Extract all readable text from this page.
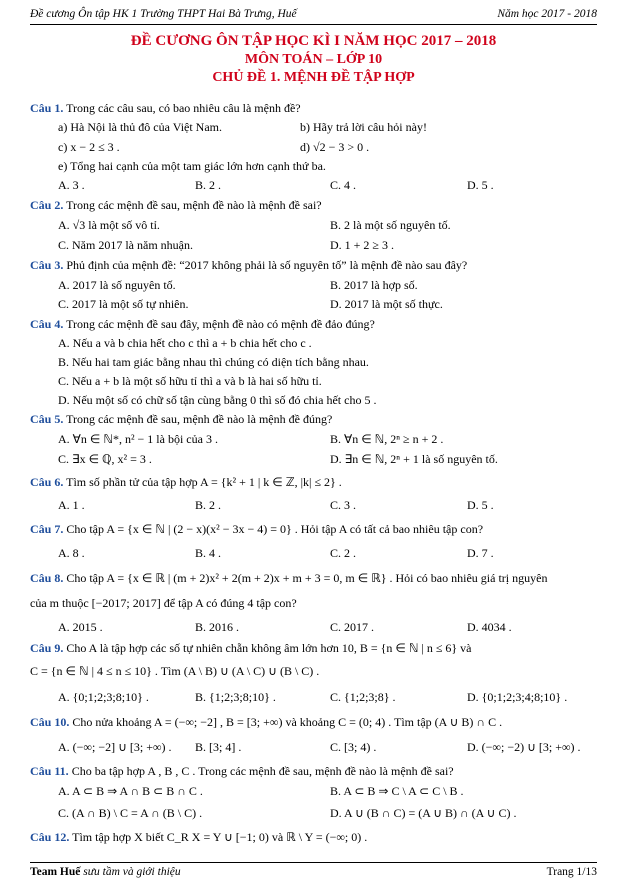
Đề cương Ôn tập HK 1 Trường THPT Hai Bà Trưng, Huế	Năm học 2017 - 2018
ĐỀ CƯƠNG ÔN TẬP HỌC KÌ I NĂM HỌC 2017 – 2018
MÔN TOÁN – LỚP 10
CHỦ ĐỀ 1. MỆNH ĐỀ TẬP HỢP
Câu 1. Trong các câu sau, có bao nhiêu câu là mệnh đề?
a) Hà Nội là thủ đô của Việt Nam.	b) Hãy trả lời câu hỏi này!
c) x − 2 ≤ 3 .	d) √2 − 3 > 0 .
e) Tổng hai cạnh của một tam giác lớn hơn cạnh thứ ba.
A. 3 .	B. 2 .	C. 4 .	D. 5 .
Câu 2. Trong các mệnh đề sau, mệnh đề nào là mệnh đề sai?
A. √3 là một số vô tỉ.	B. 2 là một số nguyên tố.
C. Năm 2017 là năm nhuận.	D. 1 + 2 ≥ 3 .
Câu 3. Phủ định của mệnh đề: “2017 không phải là số nguyên tố” là mệnh đề nào sau đây?
A. 2017 là số nguyên tố.	B. 2017 là hợp số.
C. 2017 là một số tự nhiên.	D. 2017 là một số thực.
Câu 4. Trong các mệnh đề sau đây, mệnh đề nào có mệnh đề đảo đúng?
A. Nếu a và b chia hết cho c thì a + b chia hết cho c .
B. Nếu hai tam giác bằng nhau thì chúng có diện tích bằng nhau.
C. Nếu a + b là một số hữu tỉ thì a và b là hai số hữu tỉ.
D. Nếu một số có chữ số tận cùng bằng 0 thì số đó chia hết cho 5 .
Câu 5. Trong các mệnh đề sau, mệnh đề nào là mệnh đề đúng?
A. ∀n ∈ ℕ*, n² − 1 là bội của 3 .	B. ∀n ∈ ℕ, 2ⁿ ≥ n + 2 .
C. ∃x ∈ ℚ, x² = 3 .	D. ∃n ∈ ℕ, 2ⁿ + 1 là số nguyên tố.
Câu 6. Tìm số phần tử của tập hợp A = {k² + 1 | k ∈ ℤ, |k| ≤ 2} .
A. 1 .	B. 2 .	C. 3 .	D. 5 .
Câu 7. Cho tập A = {x ∈ ℕ | (2 − x)(x² − 3x − 4) = 0} . Hỏi tập A có tất cả bao nhiêu tập con?
A. 8 .	B. 4 .	C. 2 .	D. 7 .
Câu 8. Cho tập A = {x ∈ ℝ | (m + 2)x² + 2(m + 2)x + m + 3 = 0, m ∈ ℝ} . Hỏi có bao nhiêu giá trị nguyên
của m thuộc [−2017; 2017] để tập A có đúng 4 tập con?
A. 2015 .	B. 2016 .	C. 2017 .	D. 4034 .
Câu 9. Cho A là tập hợp các số tự nhiên chẵn không âm lớn hơn 10, B = {n ∈ ℕ | n ≤ 6} và
C = {n ∈ ℕ | 4 ≤ n ≤ 10} . Tìm (A \ B) ∪ (A \ C) ∪ (B \ C) .
A. {0;1;2;3;8;10} .	B. {1;2;3;8;10} .	C. {1;2;3;8} .	D. {0;1;2;3;4;8;10} .
Câu 10. Cho nửa khoảng A = (−∞; −2] , B = [3; +∞) và khoảng C = (0; 4) . Tìm tập (A ∪ B) ∩ C .
A. (−∞; −2] ∪ [3; +∞) . B. [3; 4] .	C. [3; 4) .	D. (−∞; −2) ∪ [3; +∞) .
Câu 11. Cho ba tập hợp A , B , C . Trong các mệnh đề sau, mệnh đề nào là mệnh đề sai?
A. A ⊂ B ⇒ A ∩ B ⊂ B ∩ C .	B. A ⊂ B ⇒ C \ A ⊂ C \ B .
C. (A ∩ B) \ C = A ∩ (B \ C) .	D. A ∪ (B ∩ C) = (A ∪ B) ∩ (A ∪ C) .
Câu 12. Tìm tập hợp X biết C_R X = Y ∪ [−1; 0) và ℝ \ Y = (−∞; 0) .
Team Huế sưu tầm và giới thiệu	Trang 1/13
